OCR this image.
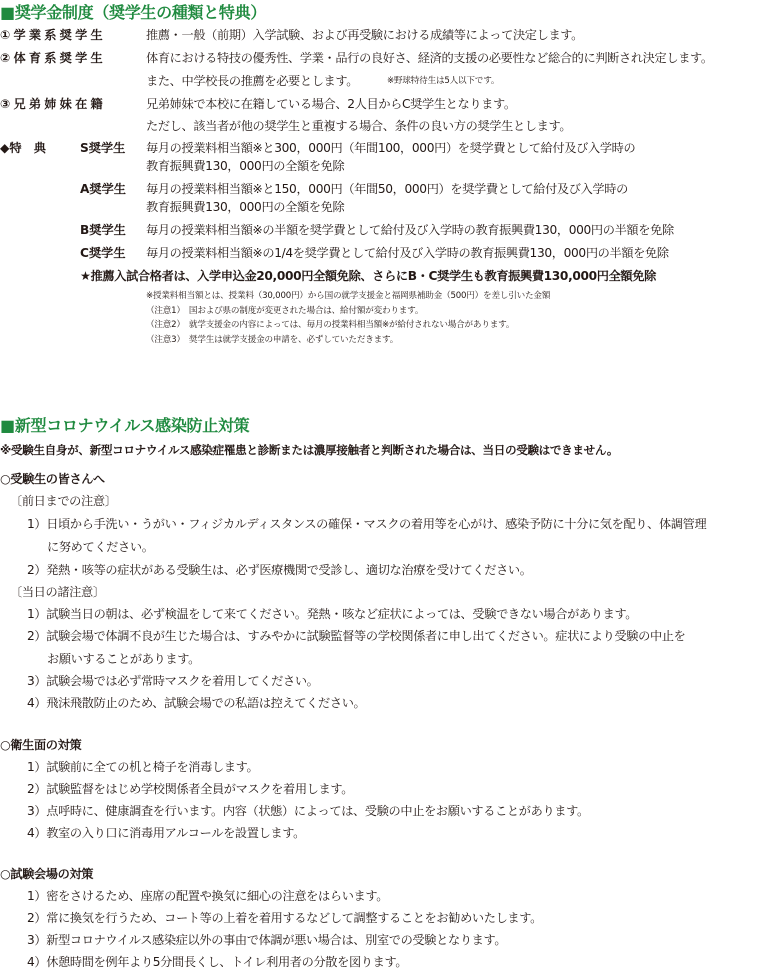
■奨学金制度（奨学生の種類と特典）
①学業系奨学生	推薦・一般（前期）入学試験、および再受験における成績等によって決定します。
②体育系奨学生	体育における特技の優秀性、学業・品行の良好さ、経済的支援の必要性など総合的に判断され決定します。
また、中学校長の推薦を必要とします。	※野球特待生は5人以下です。
③兄弟姉妹在籍	兄弟姉妹で本校に在籍している場合、2人目からC奨学生となります。
ただし、該当者が他の奨学生と重複する場合、条件の良い方の奨学生とします。
◆特　典	S奨学生 毎月の授業料相当額※と300，000円（年間100，000円）を奨学費として給付及び入学時の
教育振興費130，000円の全額を免除
A奨学生 毎月の授業料相当額※と150，000円（年間50，000円）を奨学費として給付及び入学時の
教育振興費130，000円の全額を免除
B奨学生 毎月の授業料相当額※の半額を奨学費として給付及び入学時の教育振興費130，000円の半額を免除
C奨学生 毎月の授業料相当額※の1/4を奨学費として給付及び入学時の教育振興費130，000円の半額を免除
★推薦入試合格者は、入学申込金20,000円全額免除、さらにB・C奨学生も教育振興費130,000円全額免除
※授業料相当額とは、授業料（30,000円）から国の就学支援金と福岡県補助金（500円）を差し引いた金額
（注意1）　国および県の制度が変更された場合は、給付額が変わります。
（注意2）　就学支援金の内容によっては、毎月の授業料相当額※が給付されない場合があります。
（注意3）　奨学生は就学支援金の申請を、必ずしていただきます。
■新型コロナウイルス感染防止対策
※受験生自身が、新型コロナウイルス感染症罹患と診断または濃厚接触者と判断された場合は、当日の受験はできません。
○受験生の皆さんへ
〔前日までの注意〕
1）日頃から手洗い・うがい・フィジカルディスタンスの確保・マスクの着用等を心がけ、感染予防に十分に気を配り、体調管理
に努めてください。
2）発熱・咳等の症状がある受験生は、必ず医療機関で受診し、適切な治療を受けてください。
〔当日の諸注意〕
1）試験当日の朝は、必ず検温をして来てください。発熱・咳など症状によっては、受験できない場合があります。
2）試験会場で体調不良が生じた場合は、すみやかに試験監督等の学校関係者に申し出てください。症状により受験の中止を
お願いすることがあります。
3）試験会場では必ず常時マスクを着用してください。
4）飛沫飛散防止のため、試験会場での私語は控えてください。
○衛生面の対策
1）試験前に全ての机と椅子を消毒します。
2）試験監督をはじめ学校関係者全員がマスクを着用します。
3）点呼時に、健康調査を行います。内容（状態）によっては、受験の中止をお願いすることがあります。
4）教室の入り口に消毒用アルコールを設置します。
○試験会場の対策
1）密をさけるため、座席の配置や換気に細心の注意をはらいます。
2）常に換気を行うため、コート等の上着を着用するなどして調整することをお勧めいたします。
3）新型コロナウイルス感染症以外の事由で体調が悪い場合は、別室での受験となります。
4）休憩時間を例年より5分間長くし、トイレ利用者の分散を図ります。
